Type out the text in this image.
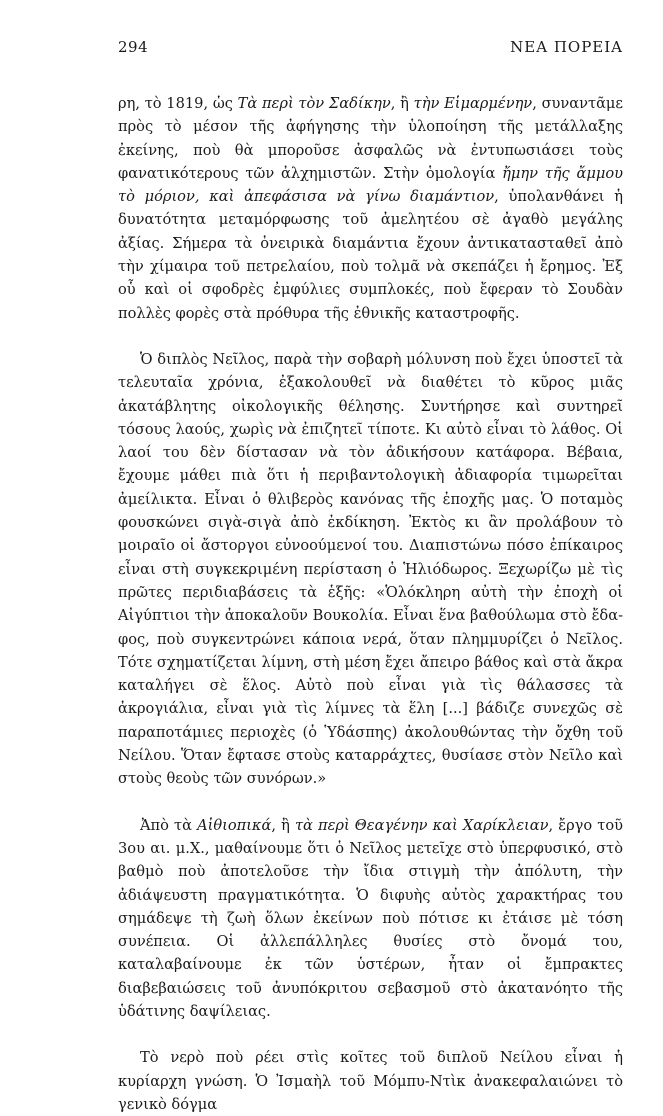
294	ΝΕΑ ΠΟΡΕΙΑ

ρη, τὸ 1819, ὡς Τὰ περὶ τὸν Σαδίκην, ἢ τὴν Εἱμαρμένην, συναντᾶμε πρὸς τὸ μέσον τῆς ἀφήγησης τὴν ὑλοποίηση τῆς μετάλλαξης ἐκείνης, ποὺ θὰ μποροῦσε ἀσφαλῶς νὰ ἐντυπωσιάσει τοὺς φανατικότερους τῶν ἀλχημιστῶν. Στὴν ὁμολογία ἤμην τῆς ἄμμου τὸ μόριον, καὶ ἀπεφάσισα νὰ γίνω διαμάντιον, ὑπολανθάνει ἡ δυνατότητα μεταμόρφωσης τοῦ ἀμελητέου σὲ ἀγαθὸ μεγάλης ἀξίας. Σήμερα τὰ ὀνειρικὰ διαμάντια ἔχουν ἀντικατασταθεῖ ἀπὸ τὴν χίμαιρα τοῦ πετρελαίου, ποὺ τολμᾶ νὰ σκεπάζει ἡ ἔρημος. Ἐξ οὗ καὶ οἱ σφοδρὲς ἐμφύλιες συμπλοκές, ποὺ ἔφεραν τὸ Σουδὰν πολλὲς φορὲς στὰ πρόθυρα τῆς ἐθνικῆς καταστροφῆς.

Ὁ διπλὸς Νεῖλος, παρὰ τὴν σοβαρὴ μόλυνση ποὺ ἔχει ὑποστεῖ τὰ τελευταῖα χρόνια, ἐξακολουθεῖ νὰ διαθέτει τὸ κῦρος μιᾶς ἀκατάβλητης οἰκολογικῆς θέλησης. Συντήρησε καὶ συντηρεῖ τόσους λαούς, χωρὶς νὰ ἐπιζητεῖ τίποτε. Κι αὐτὸ εἶναι τὸ λάθος. Οἱ λαοί του δὲν δίστασαν νὰ τὸν ἀδικήσουν κατάφορα. Βέβαια, ἔχουμε μάθει πιὰ ὅτι ἡ περιβαντολογικὴ ἀδιαφορία τιμωρεῖται ἀμείλικτα. Εἶναι ὁ θλιβερὸς κανόνας τῆς ἐποχῆς μας. Ὁ ποταμὸς φουσκώνει σιγὰ-σιγὰ ἀπὸ ἐκδίκηση. Ἐκτὸς κι ἂν προλάβουν τὸ μοιραῖο οἱ ἄστοργοι εὐνοούμενοί του. Διαπιστώνω πόσο ἐπίκαιρος εἶναι στὴ συγκεκριμένη περίσταση ὁ Ἡλιόδωρος. Ξεχωρίζω μὲ τὶς πρῶτες περιδιαβάσεις τὰ ἑξῆς: «Ὁλόκληρη αὐτὴ τὴν ἐποχὴ οἱ Αἰγύπτιοι τὴν ἀποκαλοῦν Βουκολία. Εἶναι ἕνα βαθούλωμα στὸ ἔδαφος, ποὺ συγκεντρώνει κάποια νερά, ὅταν πλημμυρίζει ὁ Νεῖλος. Τότε σχηματίζεται λίμνη, στὴ μέση ἔχει ἄπειρο βάθος καὶ στὰ ἄκρα καταλήγει σὲ ἕλος. Αὐτὸ ποὺ εἶναι γιὰ τὶς θάλασσες τὰ ἀκρογιάλια, εἶναι γιὰ τὶς λίμνες τὰ ἕλη [...] βάδιζε συνεχῶς σὲ παραποτάμιες περιοχὲς (ὁ Ὑδάσπης) ἀκολουθώντας τὴν ὄχθη τοῦ Νείλου. Ὅταν ἔφτασε στοὺς καταρράχτες, θυσίασε στὸν Νεῖλο καὶ στοὺς θεοὺς τῶν συνόρων.»

Ἀπὸ τὰ Αἰθιοπικά, ἢ τὰ περὶ Θεαγένην καὶ Χαρίκλειαν, ἔργο τοῦ 3ου αι. μ.Χ., μαθαίνουμε ὅτι ὁ Νεῖλος μετεῖχε στὸ ὑπερφυσικό, στὸ βαθμὸ ποὺ ἀποτελοῦσε τὴν ἴδια στιγμὴ τὴν ἀπόλυτη, τὴν ἀδιάψευστη πραγματικότητα. Ὁ διφυὴς αὐτὸς χαρακτήρας του σημάδεψε τὴ ζωὴ ὅλων ἐκείνων ποὺ πότισε κι ἐτάισε μὲ τόση συνέπεια. Οἱ ἀλλεπάλληλες θυσίες στὸ ὄνομά του, καταλαβαίνουμε ἐκ τῶν ὑστέρων, ἦταν οἱ ἔμπρακτες διαβεβαιώσεις τοῦ ἀνυπόκριτου σεβασμοῦ στὸ ἀκατανόητο τῆς ὑδάτινης δαψίλειας.

Τὸ νερὸ ποὺ ρέει στὶς κοῖτες τοῦ διπλοῦ Νείλου εἶναι ἡ κυρίαρχη γνώση. Ὁ Ἰσμαὴλ τοῦ Μόμπυ-Ντὶκ ἀνακεφαλαιώνει τὸ γενικὸ δόγμα
